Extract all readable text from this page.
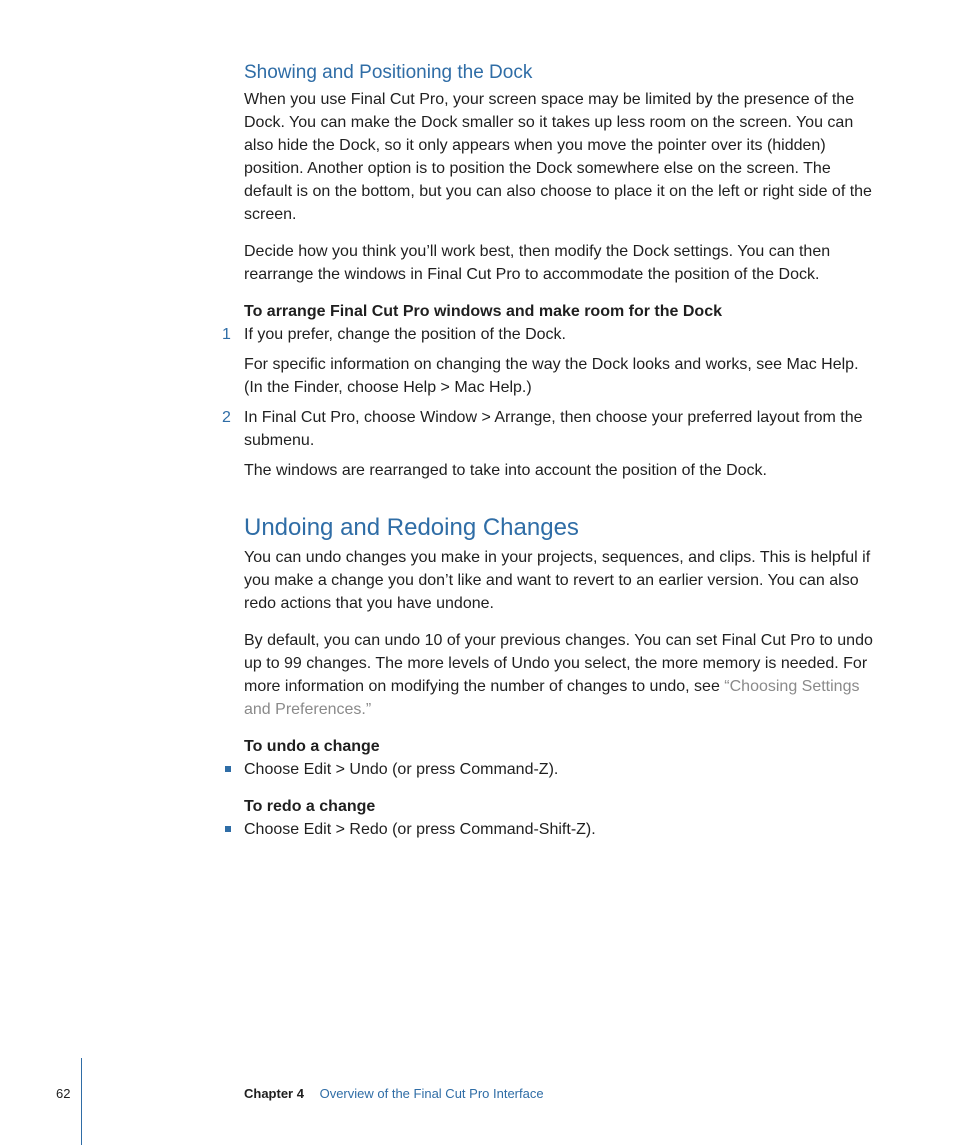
Showing and Positioning the Dock

When you use Final Cut Pro, your screen space may be limited by the presence of the Dock. You can make the Dock smaller so it takes up less room on the screen. You can also hide the Dock, so it only appears when you move the pointer over its (hidden) position. Another option is to position the Dock somewhere else on the screen. The default is on the bottom, but you can also choose to place it on the left or right side of the screen.

Decide how you think you’ll work best, then modify the Dock settings. You can then rearrange the windows in Final Cut Pro to accommodate the position of the Dock.

To arrange Final Cut Pro windows and make room for the Dock
1 If you prefer, change the position of the Dock.

For specific information on changing the way the Dock looks and works, see Mac Help. (In the Finder, choose Help > Mac Help.)

2 In Final Cut Pro, choose Window > Arrange, then choose your preferred layout from the submenu.

The windows are rearranged to take into account the position of the Dock.

Undoing and Redoing Changes

You can undo changes you make in your projects, sequences, and clips. This is helpful if you make a change you don’t like and want to revert to an earlier version. You can also redo actions that you have undone.

By default, you can undo 10 of your previous changes. You can set Final Cut Pro to undo up to 99 changes. The more levels of Undo you select, the more memory is needed. For more information on modifying the number of changes to undo, see “Choosing Settings and Preferences.”

To undo a change

Choose Edit > Undo (or press Command-Z).

To redo a change

Choose Edit > Redo (or press Command-Shift-Z).

62	Chapter 4 Overview of the Final Cut Pro Interface
